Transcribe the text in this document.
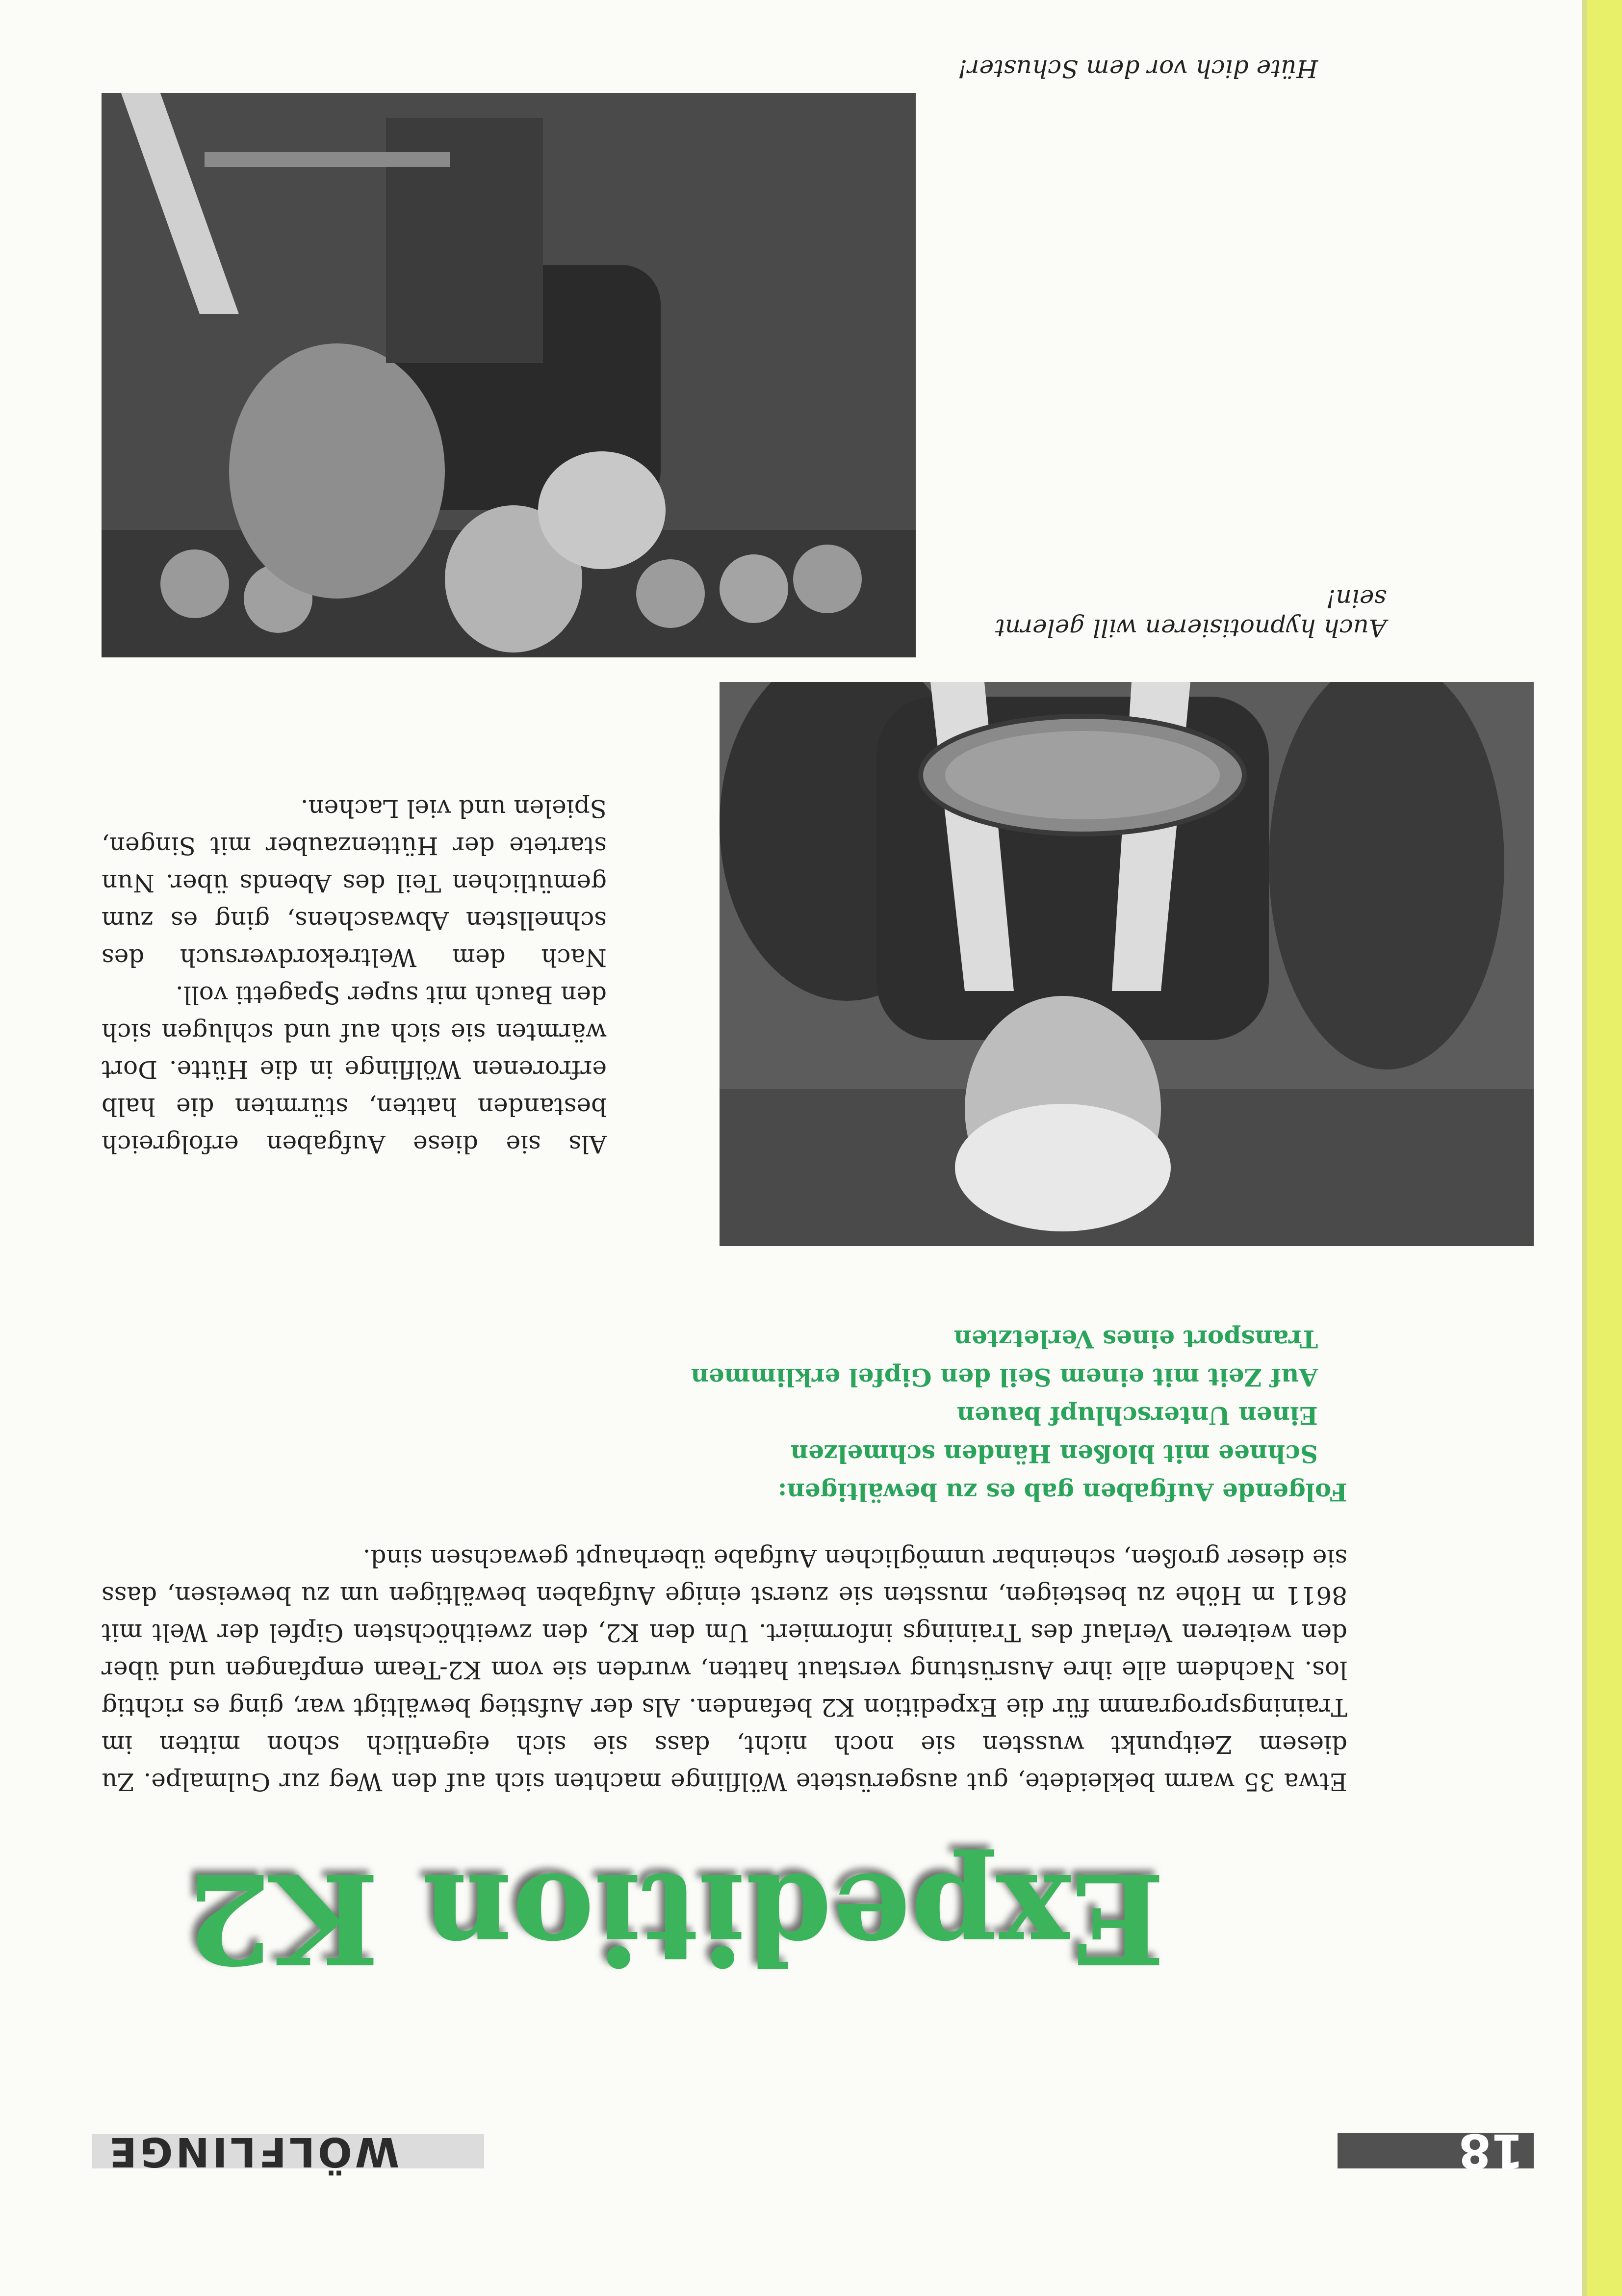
WÖLFLINGE	18
Expedition K2

Etwa 35 warm bekleidete, gut ausgerüstete Wölflinge machten sich auf den Weg zur Gulmalpe. Zu diesem Zeitpunkt wussten sie noch nicht, dass sie sich eigentlich schon mitten im Trainingsprogramm für die Expedition K2 befanden. Als der Aufstieg bewältigt war, ging es richtig los. Nachdem alle ihre Ausrüstung verstaut hatten, wurden sie vom K2-Team empfangen und über den weiteren Verlauf des Trainings informiert. Um den K2, den zweithöchsten Gipfel der Welt mit 8611 m Höhe zu besteigen, mussten sie zuerst einige Aufgaben bewältigen um zu beweisen, dass sie dieser großen, scheinbar unmöglichen Aufgabe überhaupt gewachsen sind.

Folgende Aufgaben gab es zu bewältigen:
Schnee mit bloßen Händen schmelzen
Einen Unterschlupf bauen
Auf Zeit mit einem Seil den Gipfel erklimmen
Transport eines Verletzten
Auch hypnotisieren will gelernt sein!

Als sie diese Aufgaben erfolgreich bestanden hatten, stürmten die halb erfrorenen Wölflinge in die Hütte. Dort wärmten sie sich auf und schlugen sich den Bauch mit super Spagetti voll.

Nach dem Weltrekordversuch des schnellsten Abwaschens, ging es zum gemütlichen Teil des Abends über. Nun startete der Hüttenzauber mit Singen, Spielen und viel Lachen.

Hüte dich vor dem Schuster!
